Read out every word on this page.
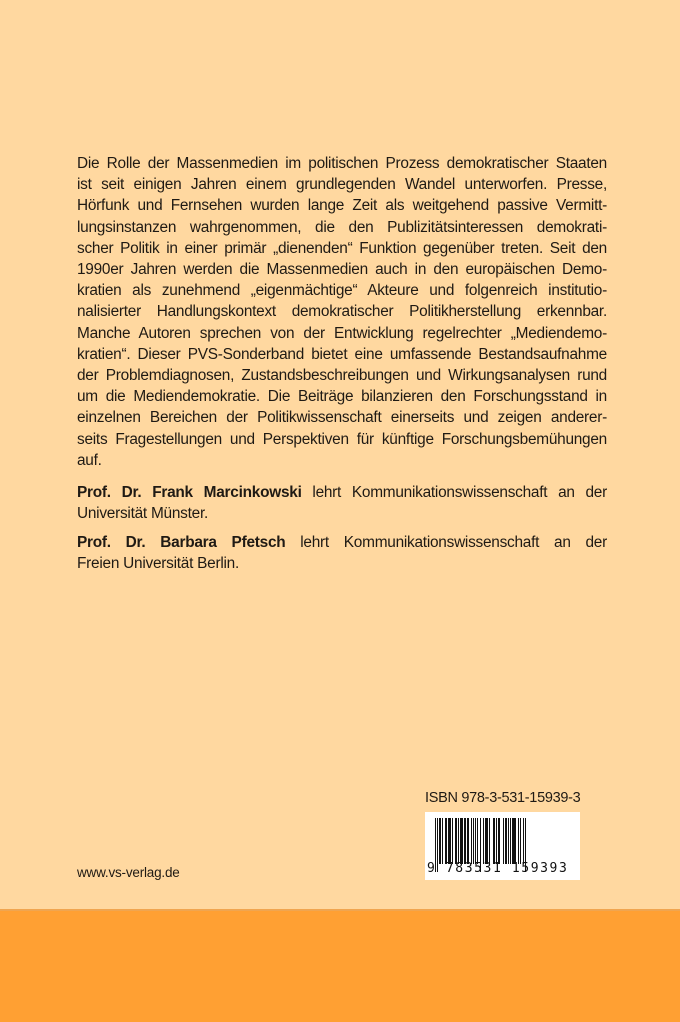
Die Rolle der Massenmedien im politischen Prozess demokratischer Staaten
ist seit einigen Jahren einem grundlegenden Wandel unterworfen. Presse,
Hörfunk und Fernsehen wurden lange Zeit als weitgehend passive Vermitt-
lungsinstanzen wahrgenommen, die den Publizitätsinteressen demokrati-
scher Politik in einer primär „dienenden“ Funktion gegenüber treten. Seit den
1990er Jahren werden die Massenmedien auch in den europäischen Demo-
kratien als zunehmend „eigenmächtige“ Akteure und folgenreich institutio-
nalisierter Handlungskontext demokratischer Politikherstellung erkennbar.
Manche Autoren sprechen von der Entwicklung regelrechter „Mediendemo-
kratien“. Dieser PVS-Sonderband bietet eine umfassende Bestandsaufnahme
der Problemdiagnosen, Zustandsbeschreibungen und Wirkungsanalysen rund
um die Mediendemokratie. Die Beiträge bilanzieren den Forschungsstand in
einzelnen Bereichen der Politikwissenschaft einerseits und zeigen anderer-
seits Fragestellungen und Perspektiven für künftige Forschungsbemühungen
auf.
Prof. Dr. Frank Marcinkowski lehrt Kommunikationswissenschaft an der
Universität Münster.
Prof. Dr. Barbara Pfetsch lehrt Kommunikationswissenschaft an der
Freien Universität Berlin.
ISBN 978-3-531-15939-3
9 783531 159393
www.vs-verlag.de
